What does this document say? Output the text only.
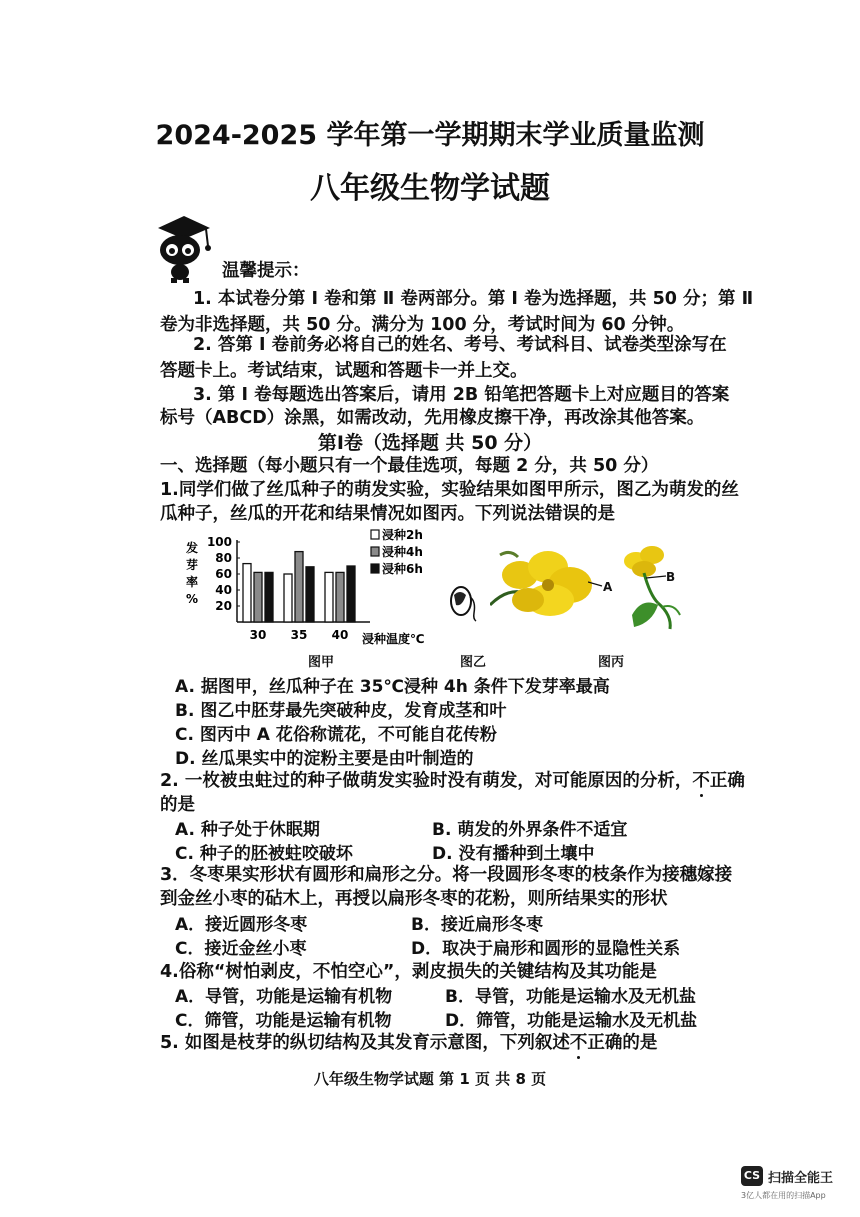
2024-2025 学年第一学期期末学业质量监测
八年级生物学试题
温馨提示：
1. 本试卷分第 Ⅰ 卷和第 Ⅱ 卷两部分。第 Ⅰ 卷为选择题，共 50 分；第 Ⅱ
卷为非选择题，共 50 分。满分为 100 分，考试时间为 60 分钟。
2. 答第 Ⅰ 卷前务必将自己的姓名、考号、考试科目、试卷类型涂写在
答题卡上。考试结束，试题和答题卡一并上交。
3. 第 Ⅰ 卷每题选出答案后，请用 2B 铅笔把答题卡上对应题目的答案
标号（ABCD）涂黑，如需改动，先用橡皮擦干净，再改涂其他答案。
第Ⅰ卷（选择题 共 50 分）
一、选择题（每小题只有一个最佳选项，每题 2 分，共 50 分）
1.同学们做了丝瓜种子的萌发实验，实验结果如图甲所示，图乙为萌发的丝
瓜种子，丝瓜的开花和结果情况如图丙。下列说法错误的是
发
芽
率
%
100
80
60
40
20
30 35 40 浸种温度℃
浸种2h
浸种4h
浸种6h
图甲	图乙
A
B
图丙
A. 据图甲，丝瓜种子在 35℃浸种 4h 条件下发芽率最高
B. 图乙中胚芽最先突破种皮，发育成茎和叶
C. 图丙中 A 花俗称谎花，不可能自花传粉
D. 丝瓜果实中的淀粉主要是由叶制造的
2. 一枚被虫蛀过的种子做萌发实验时没有萌发，对可能原因的分析，不正确
的是
A. 种子处于休眠期	B. 萌发的外界条件不适宜
C. 种子的胚被蛀咬破坏	D. 没有播种到土壤中
3．冬枣果实形状有圆形和扁形之分。将一段圆形冬枣的枝条作为接穗嫁接
到金丝小枣的砧木上，再授以扁形冬枣的花粉，则所结果实的形状
A．接近圆形冬枣	B．接近扁形冬枣
C．接近金丝小枣	D．取决于扁形和圆形的显隐性关系
4.俗称“树怕剥皮，不怕空心”，剥皮损失的关键结构及其功能是
A．导管，功能是运输有机物	B．导管，功能是运输水及无机盐
C．筛管，功能是运输有机物	D．筛管，功能是运输水及无机盐
5. 如图是枝芽的纵切结构及其发育示意图，下列叙述不正确的是
八年级生物学试题 第 1 页 共 8 页
CS 扫描全能王
3亿人都在用的扫描App
